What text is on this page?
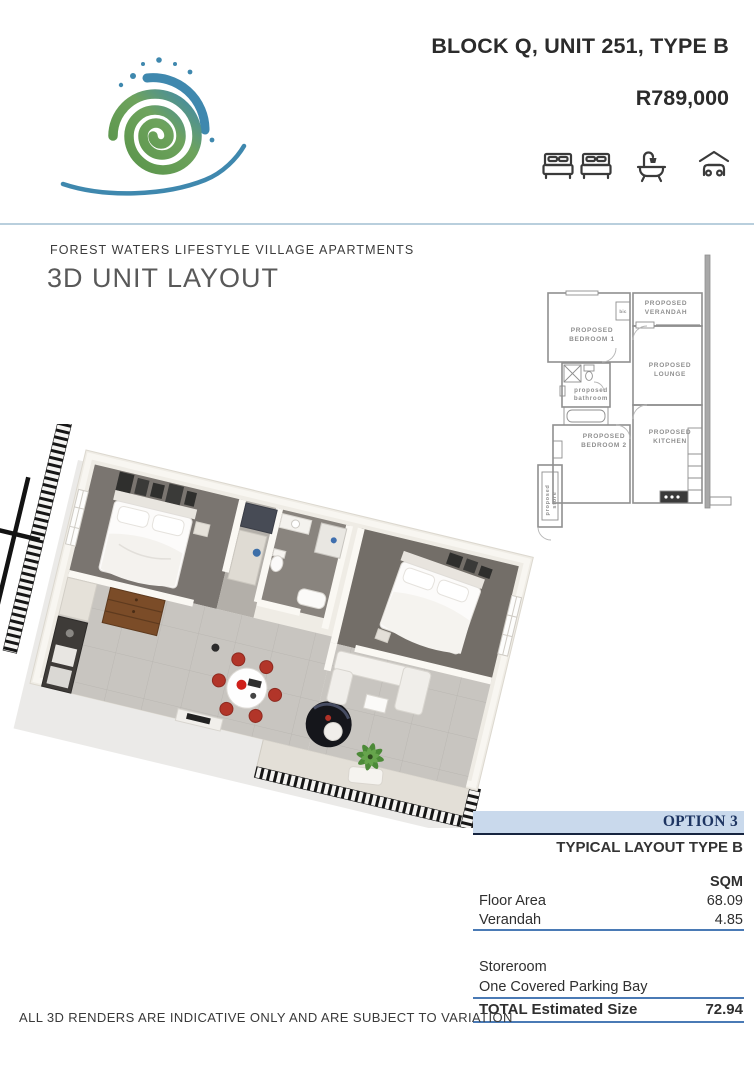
BLOCK Q, UNIT 251, TYPE B
R789,000
FOREST WATERS LIFESTYLE VILLAGE APARTMENTS
3D UNIT LAYOUT
PROPOSED
BEDROOM 1
bic
PROPOSED
VERANDAH
PROPOSED
LOUNGE
proposed
bathroom
PROPOSED
BEDROOM 2
PROPOSED
KITCHEN
proposed store
OPTION 3
TYPICAL LAYOUT TYPE B
SQM
Floor Area	68.09
Verandah	4.85
Storeroom
One Covered Parking Bay
TOTAL Estimated Size	72.94
ALL 3D RENDERS ARE INDICATIVE ONLY AND ARE SUBJECT TO VARIATION
